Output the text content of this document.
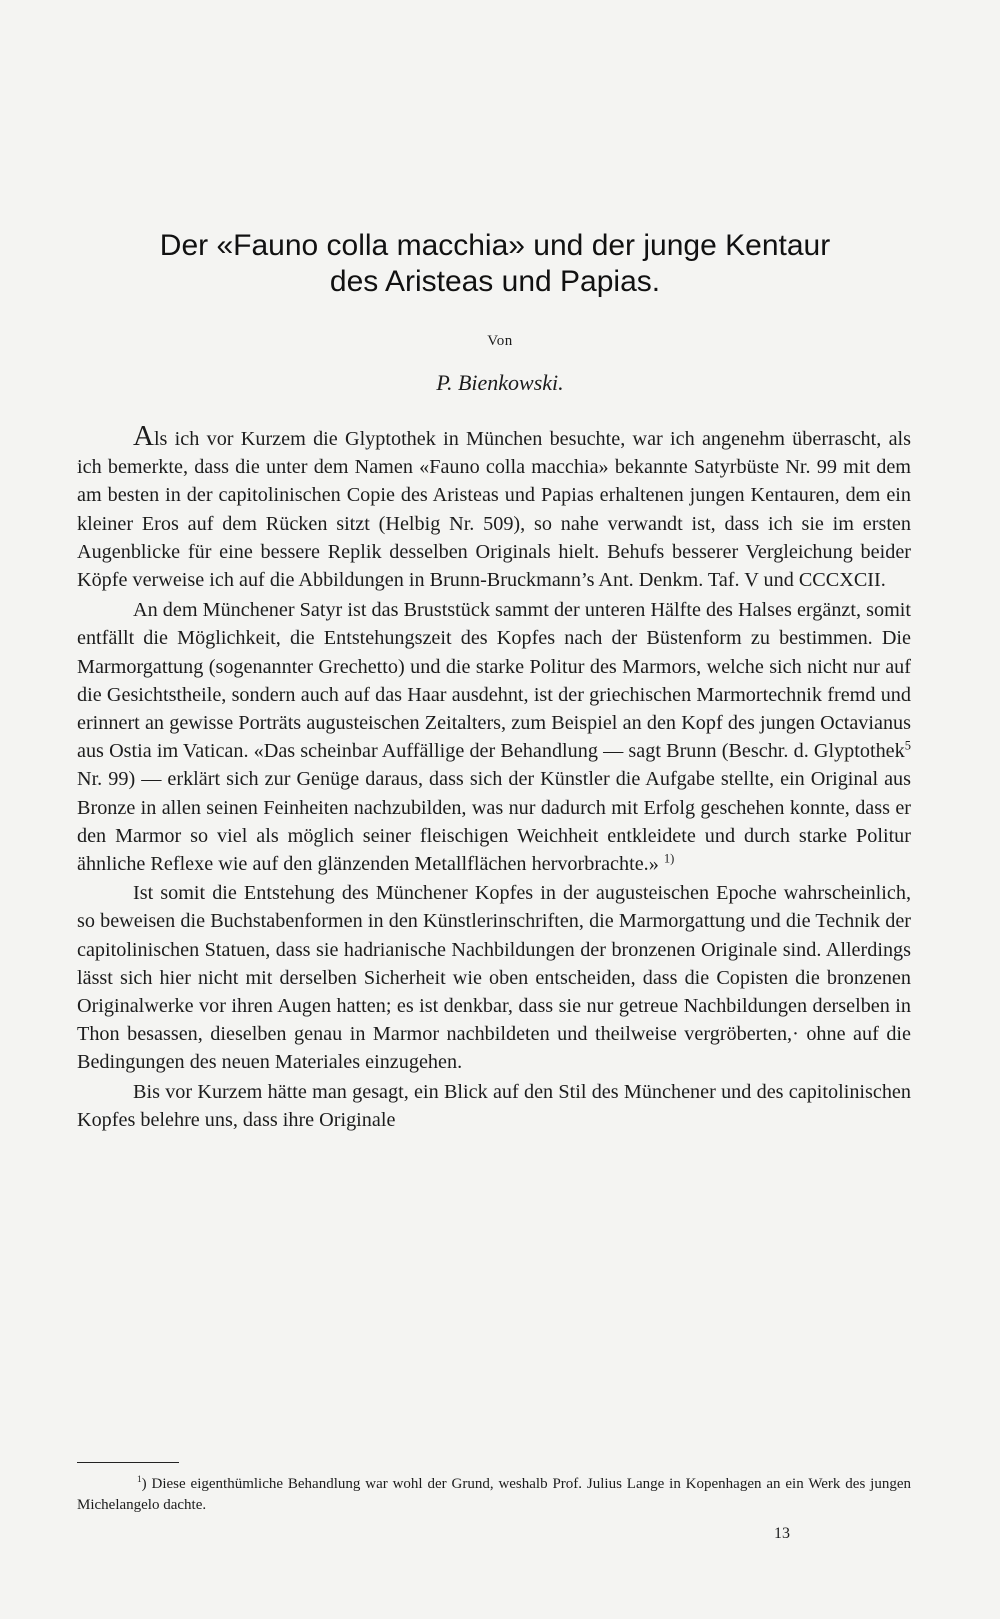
Der «Fauno colla macchia» und der junge Kentaur
des Aristeas und Papias.
Von
P. Bienkowski.

Als ich vor Kurzem die Glyptothek in München besuchte, war ich angenehm überrascht, als ich bemerkte, dass die unter dem Namen «Fauno colla macchia» bekannte Satyrbüste Nr. 99 mit dem am besten in der capitolinischen Copie des Aristeas und Papias erhaltenen jungen Kentauren, dem ein kleiner Eros auf dem Rücken sitzt (Helbig Nr. 509), so nahe verwandt ist, dass ich sie im ersten Augenblicke für eine bessere Replik desselben Originals hielt. Behufs besserer Vergleichung beider Köpfe verweise ich auf die Abbildungen in Brunn-Bruckmann’s Ant. Denkm. Taf. V und CCCXCII.

An dem Münchener Satyr ist das Bruststück sammt der unteren Hälfte des Halses ergänzt, somit entfällt die Möglichkeit, die Entstehungszeit des Kopfes nach der Büstenform zu bestimmen. Die Marmorgattung (sogenannter Grechetto) und die starke Politur des Marmors, welche sich nicht nur auf die Gesichtstheile, sondern auch auf das Haar ausdehnt, ist der griechischen Marmortechnik fremd und erinnert an gewisse Porträts augusteischen Zeitalters, zum Beispiel an den Kopf des jungen Octavianus aus Ostia im Vatican. «Das scheinbar Auffällige der Behandlung — sagt Brunn (Beschr. d. Glyptothek$^5$ Nr. 99) — erklärt sich zur Genüge daraus, dass sich der Künstler die Aufgabe stellte, ein Original aus Bronze in allen seinen Feinheiten nachzubilden, was nur dadurch mit Erfolg geschehen konnte, dass er den Marmor so viel als möglich seiner fleischigen Weichheit entkleidete und durch starke Politur ähnliche Reflexe wie auf den glänzenden Metallflächen hervorbrachte.» $^{1)}$

Ist somit die Entstehung des Münchener Kopfes in der augusteischen Epoche wahrscheinlich, so beweisen die Buchstabenformen in den Künstlerinschriften, die Marmorgattung und die Technik der capitolinischen Statuen, dass sie hadrianische Nachbildungen der bronzenen Originale sind. Allerdings lässt sich hier nicht mit derselben Sicherheit wie oben entscheiden, dass die Copisten die bronzenen Originalwerke vor ihren Augen hatten; es ist denkbar, dass sie nur getreue Nachbildungen derselben in Thon besassen, dieselben genau in Marmor nachbildeten und theilweise vergröberten,· ohne auf die Bedingungen des neuen Materiales einzugehen.

Bis vor Kurzem hätte man gesagt, ein Blick auf den Stil des Münchener und des capitolinischen Kopfes belehre uns, dass ihre Originale

$^1$) Diese eigenthümliche Behandlung war wohl der Grund, weshalb Prof. Julius Lange in Kopenhagen an ein Werk des jungen Michelangelo dachte.
13
